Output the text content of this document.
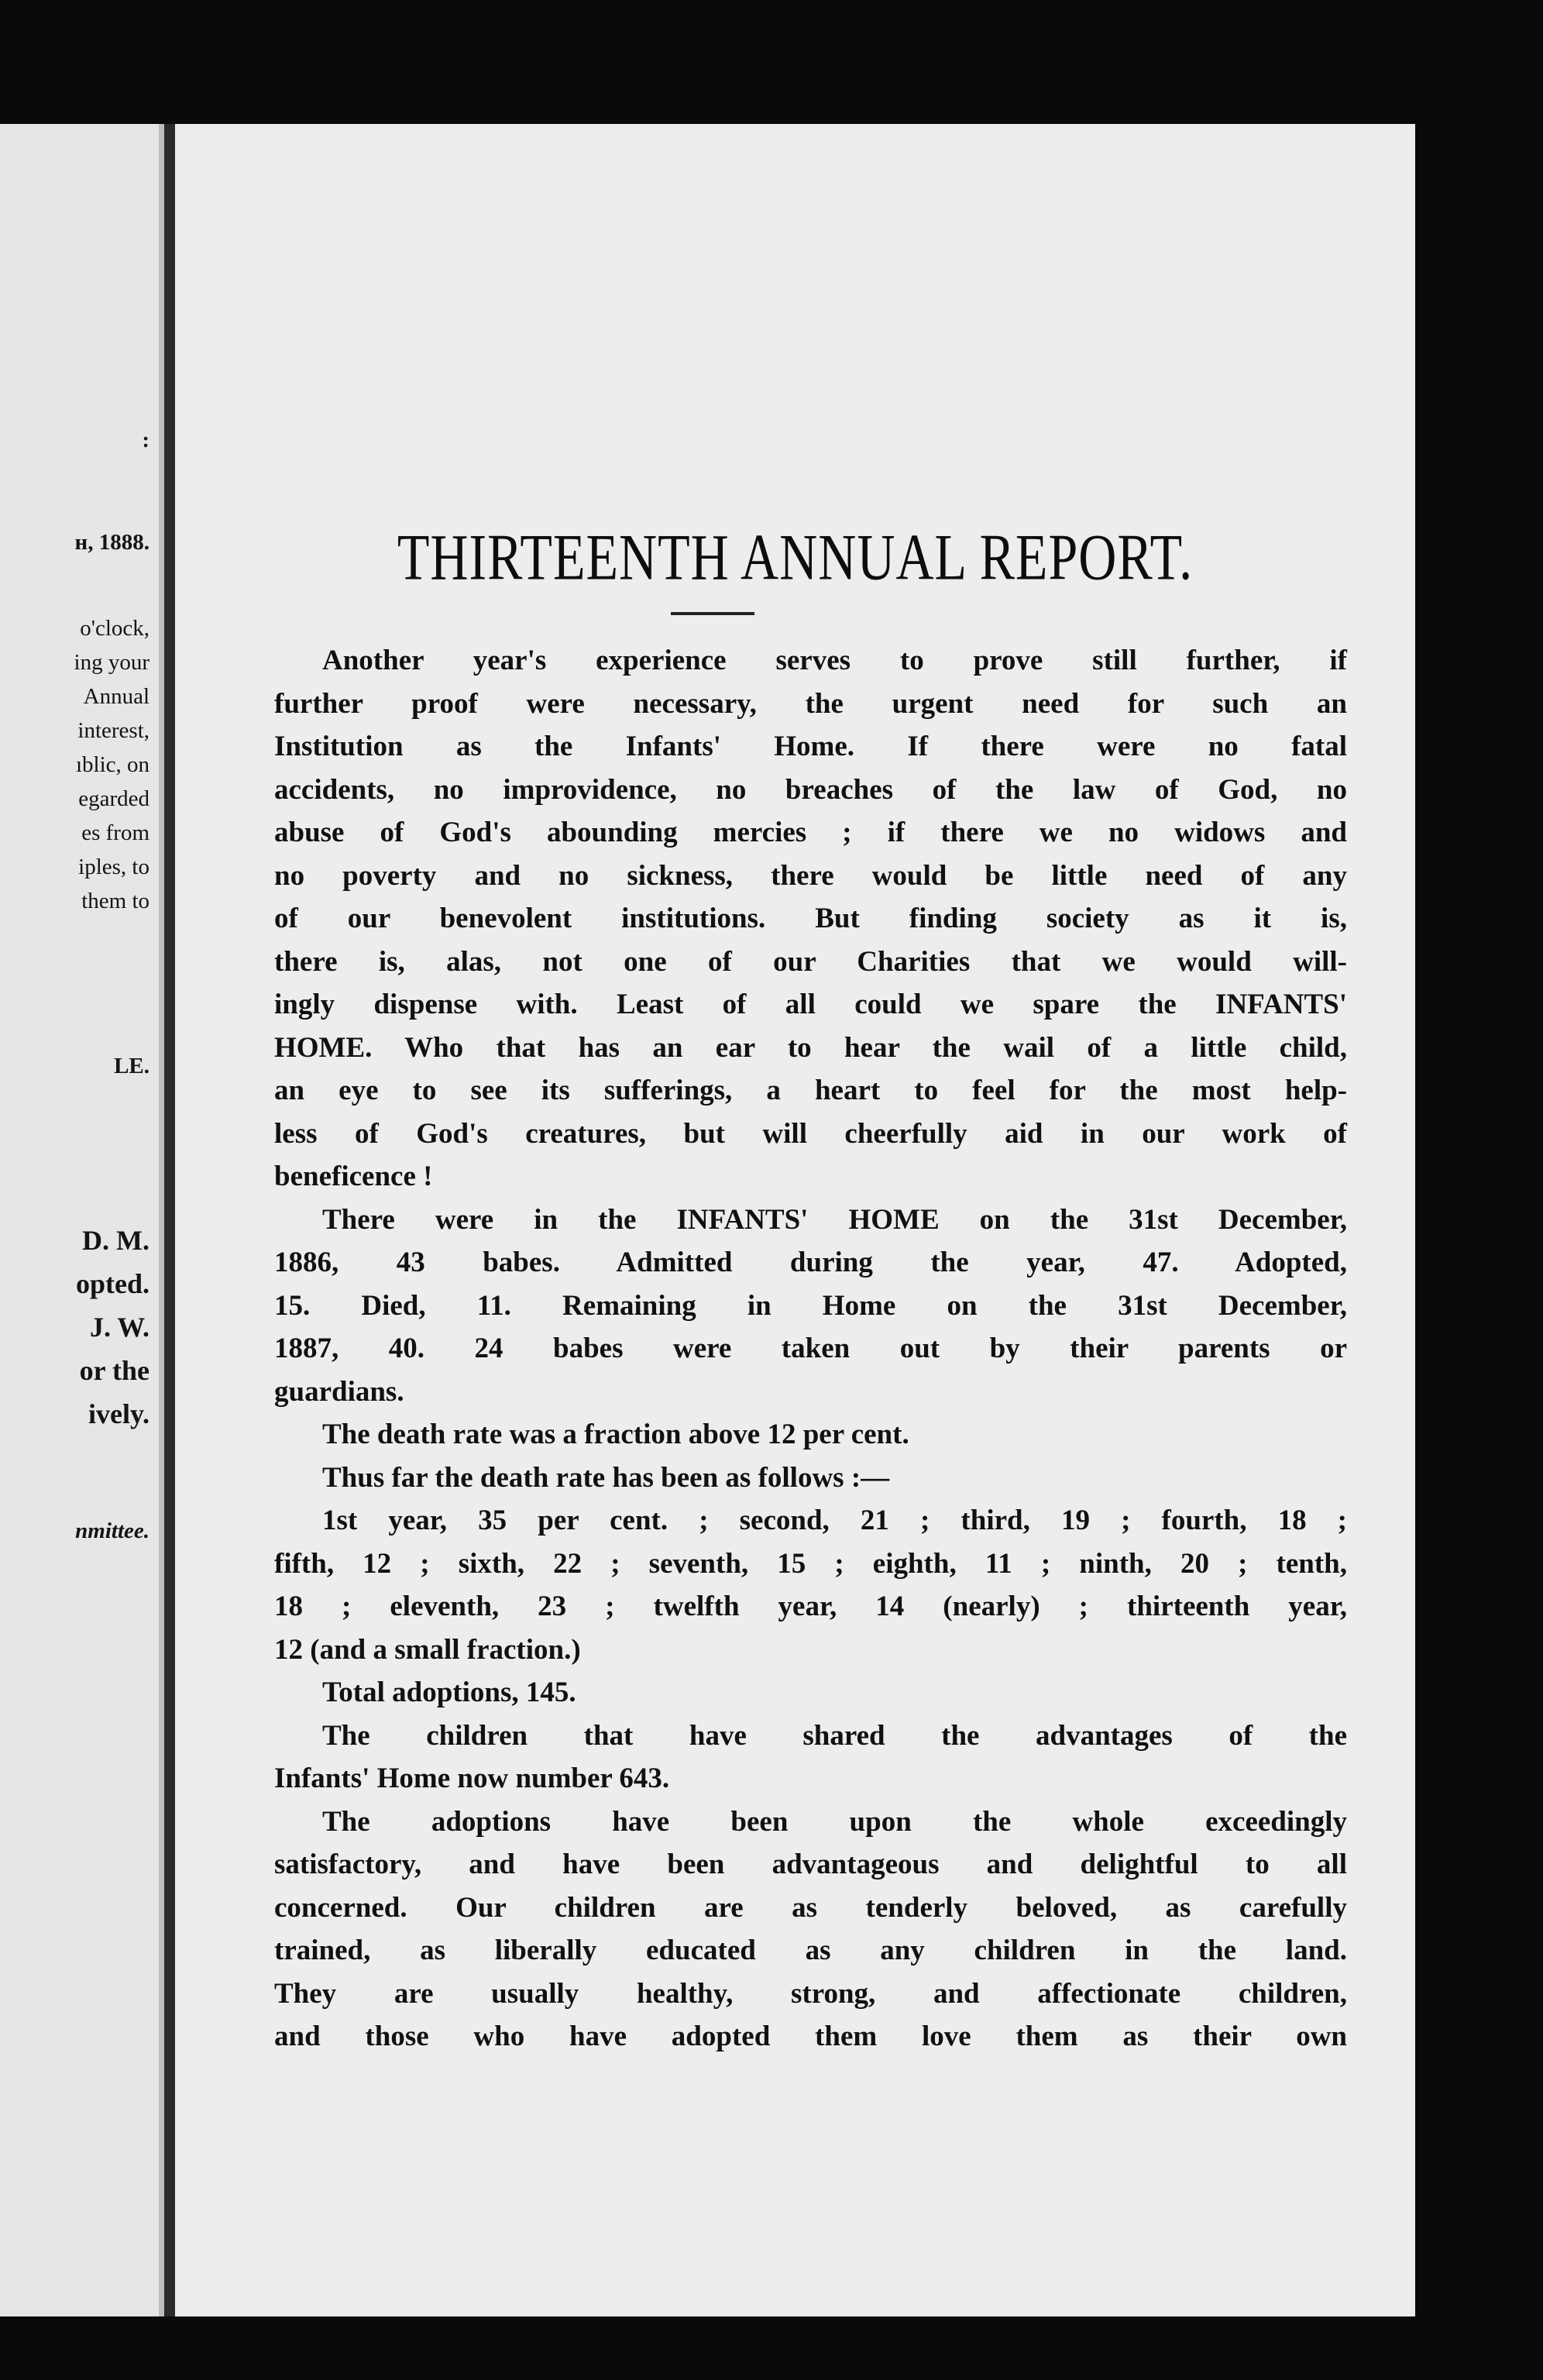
:
н, 1888.
o'clock,
ing your
Annual
interest,
ıblic, on
egarded
es from
iples, to
them to
LE.
D. M.
opted.
J. W.
or the
ively.
nmittee.
THIRTEENTH ANNUAL REPORT.

Another year's experience serves to prove still further, if

further proof were necessary, the urgent need for such an

Institution as the Infants' Home. If there were no fatal

accidents, no improvidence, no breaches of the law of God, no

abuse of God's abounding mercies ; if there we no widows and

no poverty and no sickness, there would be little need of any

of our benevolent institutions. But finding society as it is,

there is, alas, not one of our Charities that we would will-

ingly dispense with. Least of all could we spare the INFANTS'

HOME. Who that has an ear to hear the wail of a little child,

an eye to see its sufferings, a heart to feel for the most help-

less of God's creatures, but will cheerfully aid in our work of

beneficence !

There were in the INFANTS' HOME on the 31st December,

1886, 43 babes. Admitted during the year, 47. Adopted,

15. Died, 11. Remaining in Home on the 31st December,

1887, 40. 24 babes were taken out by their parents or

guardians.

The death rate was a fraction above 12 per cent.

Thus far the death rate has been as follows :—

1st year, 35 per cent. ; second, 21 ; third, 19 ; fourth, 18 ;

fifth, 12 ; sixth, 22 ; seventh, 15 ; eighth, 11 ; ninth, 20 ; tenth,

18 ; eleventh, 23 ; twelfth year, 14 (nearly) ; thirteenth year,

12 (and a small fraction.)

Total adoptions, 145.

The children that have shared the advantages of the

Infants' Home now number 643.

The adoptions have been upon the whole exceedingly

satisfactory, and have been advantageous and delightful to all

concerned. Our children are as tenderly beloved, as carefully

trained, as liberally educated as any children in the land.

They are usually healthy, strong, and affectionate children,

and those who have adopted them love them as their own
